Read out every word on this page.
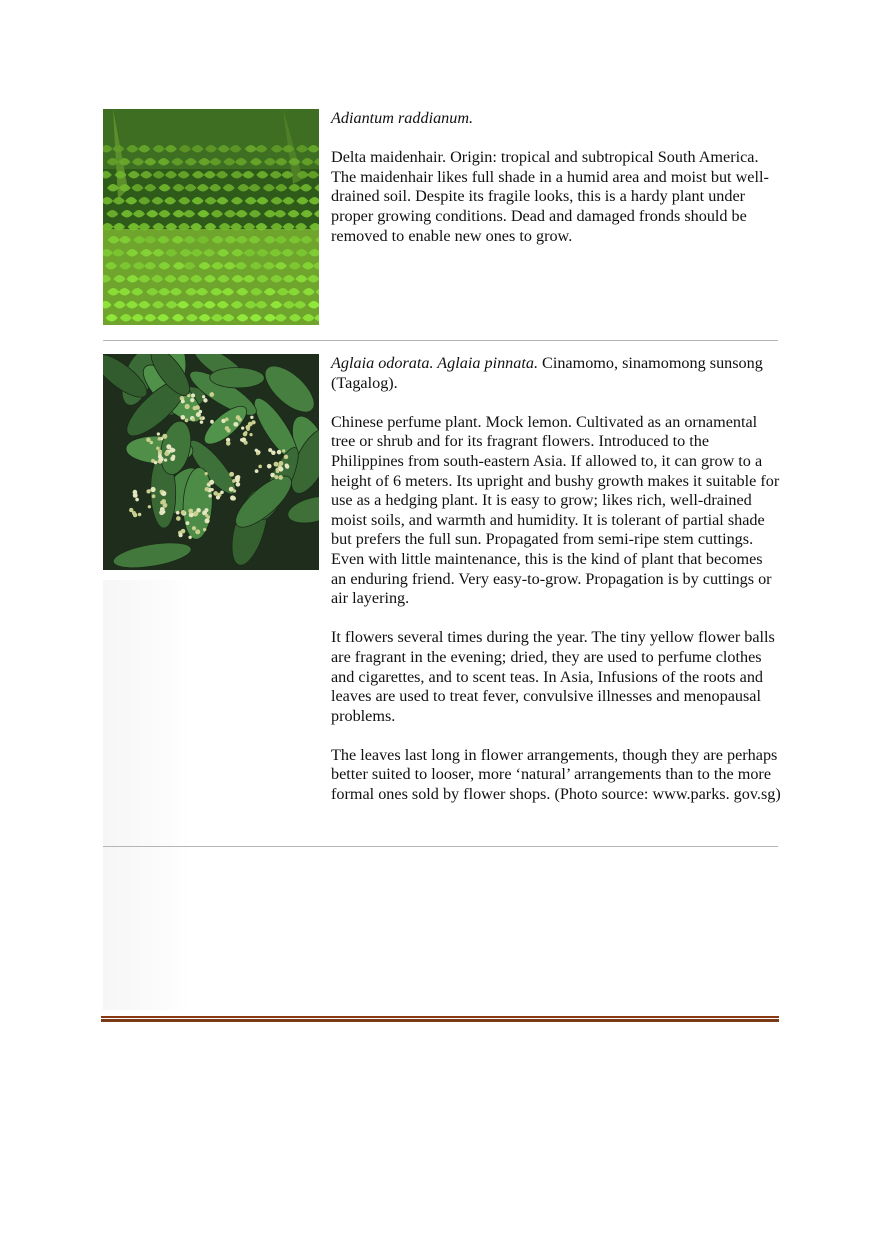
Adiantum raddianum.

Delta maidenhair. Origin: tropical and subtropical South America. The maidenhair likes full shade in a humid area and moist but well-drained soil. Despite its fragile looks, this is a hardy plant under proper growing conditions. Dead and damaged fronds should be removed to enable new ones to grow.

Aglaia odorata. Aglaia pinnata. Cinamomo, sinamomong sunsong (Tagalog).

Chinese perfume plant. Mock lemon. Cultivated as an ornamental tree or shrub and for its fragrant flowers. Introduced to the Philippines from south-eastern Asia. If allowed to, it can grow to a height of 6 meters. Its upright and bushy growth makes it suitable for use as a hedging plant. It is easy to grow; likes rich, well-drained moist soils, and warmth and humidity. It is tolerant of partial shade but prefers the full sun. Propagated from semi-ripe stem cuttings. Even with little maintenance, this is the kind of plant that becomes an enduring friend. Very easy-to-grow. Propagation is by cuttings or air layering.

It flowers several times during the year. The tiny yellow flower balls are fragrant in the evening; dried, they are used to perfume clothes and cigarettes, and to scent teas. In Asia, Infusions of the roots and leaves are used to treat fever, convulsive illnesses and menopausal problems.

The leaves last long in flower arrangements, though they are perhaps better suited to looser, more ‘natural’ arrangements than to the more formal ones sold by flower shops. (Photo source: www.parks. gov.sg)
